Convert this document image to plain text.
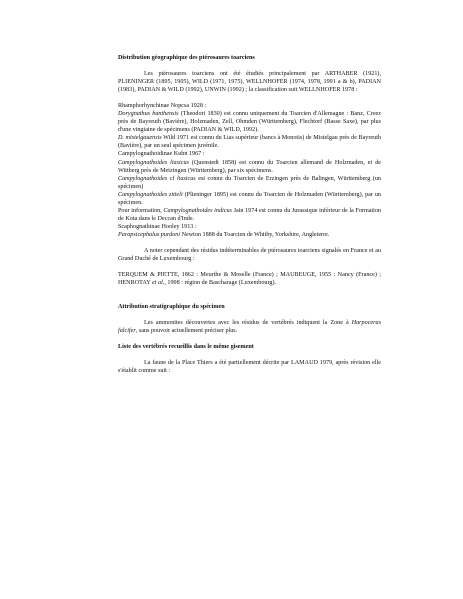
Distribution géographique des ptérosaures toarciens

Les ptérosaures toarciens ont été étudiés principalement par ARTHABER (1921), PLIENINGER (1895, 1905), WILD (1971, 1975), WELLNHOFER (1974, 1978, 1991 a & b), PADIAN (1983), PADIAN & WILD (1992), UNWIN (1992) ; la classification suit WELLNHOFER 1978 :

Rhamphorhynchinae Nopcsa 1928 :

Dorygnathus banthensis (Theodori 1830) est connu uniquement du Toarcien d'Allemagne : Banz, Creez près de Bayreuth (Bavière), Holzmaden, Zell, Ohmden (Württemberg), Flechtorf (Basse Saxe), par plus d'une vingtaine de spécimens (PADIAN & WILD, 1992).

D. mistelgauensis Wild 1971 est connu du Lias supérieur (bancs à Monotis) de Mistelgau près de Bayreuth (Bavière), par un seul spécimen juvénile.

Campylognathoidinae Kuhn 1967 :

Campylognathoides liasicus (Quenstedt 1858) est connu du Toarcien allemand de Holzmaden, et de Wittberg près de Metzingen (Württemberg), par six spécimens.

Campylognathoides cf liasicus est connu du Toarcien de Erzingen près de Balingen, Württemberg (un spécimen)

Campylognathoides zitteli (Plieninger 1895) est connu du Toarcien de Holzmaden (Württemberg), par un spécimen.

Pour information, Campylognathoides indicus Jain 1974 est connu du Jurassique inférieur de la Formation de Kota dans le Deccan d'Inde.

Scaphognathinae Hooley 1913 :

Parapsicephalus purdoni Newton 1888 du Toarcien de Whitby, Yorkshire, Angleterre.

A noter cependant des résidus indéterminables de ptérosaures toarciens signalés en France et au Grand Duché de Luxembourg :

TERQUEM & PIETTE, 1862 : Meurthe & Moselle (France) ; MAUBEUGE, 1955 : Nancy (France) ; HENROTAY et al., 1998 : région de Bascharage (Luxembourg).

Attribution stratigraphique du spécimen

Les ammonites découvertes avec les résidus de vertébrés indiquent la Zone à Harpoceras falcifer, sans pouvoir actuellement préciser plus.

Liste des vertébrés recueillis dans le même gisement

La faune de la Place Thiers a été partiellement décrite par LAMAUD 1979, après révision elle s'établit comme suit :
